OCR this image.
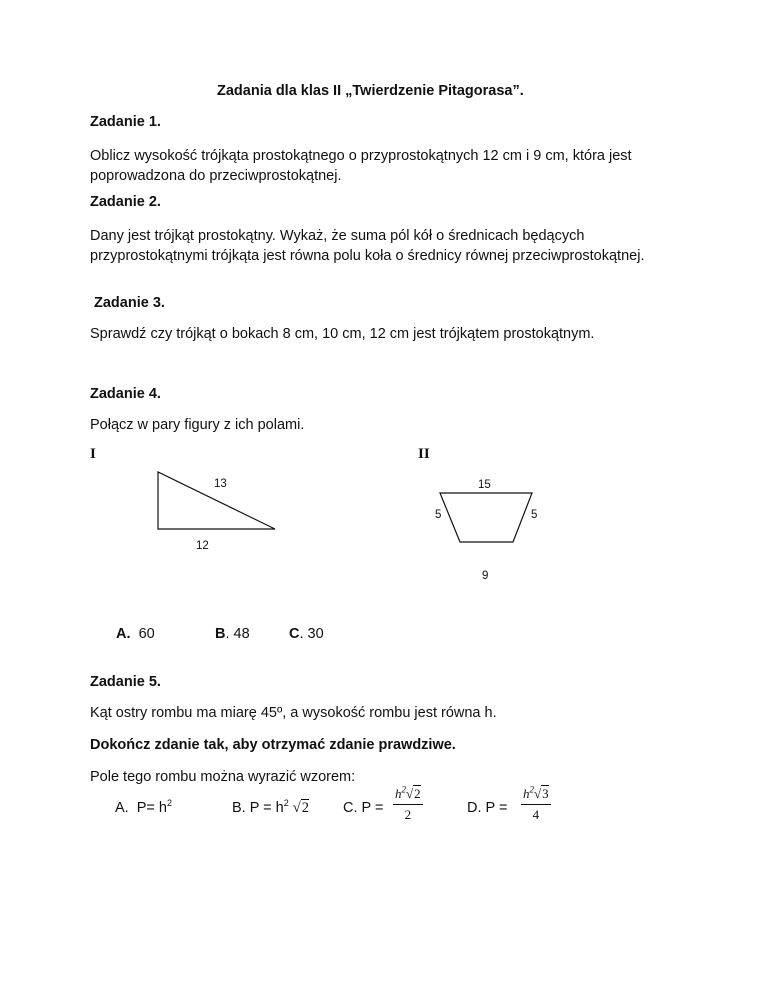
Zadania dla klas II „Twierdzenie Pitagorasa”.
Zadanie 1.
Oblicz wysokość trójkąta prostokątnego o przyprostokątnych 12 cm i 9 cm, która jest poprowadzona do przeciwprostokątnej.
Zadanie 2.
Dany jest trójkąt prostokątny. Wykaż, że suma pól kół o średnicach będących przyprostokątnymi trójkąta jest równa polu koła o średnicy równej przeciwprostokątnej.
Zadanie 3.
Sprawdź czy trójkąt o bokach 8 cm, 10 cm, 12 cm jest trójkątem prostokątnym.
Zadanie 4.
Połącz w pary figury z ich polami.
I	II
13
12
15
5	5
9
A. 60	B. 48	C. 30
Zadanie 5.
Kąt ostry rombu ma miarę 45º, a wysokość rombu jest równa h.
Dokończ zdanie tak, aby otrzymać zdanie prawdziwe.
Pole tego rombu można wyrazić wzorem:
A. $P= h^2$	B. $P = h^2$ √2 C. $P = \frac{h^2√2}{2}$	D. $P = \frac{h^2√3}{4}$
